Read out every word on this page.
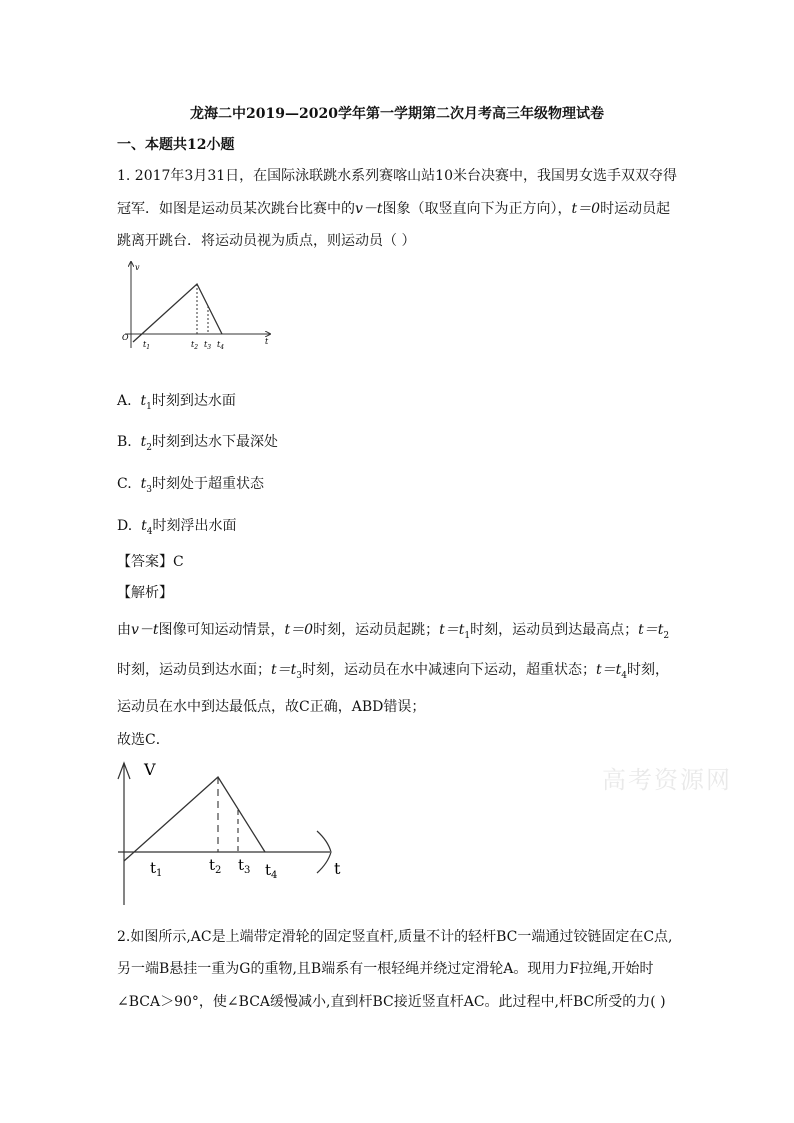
龙海二中2019—2020学年第一学期第二次月考高三年级物理试卷
一、本题共12小题
1. 2017年3月31日，在国际泳联跳水系列赛喀山站10米台决赛中，我国男女选手双双夺得
冠军．如图是运动员某次跳台比赛中的v－t图象（取竖直向下为正方向），t＝0时运动员起
跳离开跳台．将运动员视为质点，则运动员（ ）
v
O	t
$t_1$	$t_2$ $t_3$ $t_4$
A. $t_1$时刻到达水面
B. $t_2$时刻到达水下最深处
C. $t_3$时刻处于超重状态
D. $t_4$时刻浮出水面
【答案】C
【解析】
由v－t图像可知运动情景，t＝0时刻，运动员起跳；$t=t_1$时刻，运动员到达最高点；$t=t_2$
时刻，运动员到达水面；$t=t_3$时刻，运动员在水中减速向下运动，超重状态；$t=t_4$时刻，
运动员在水中到达最低点，故C正确，ABD错误；
故选C．
V
t
$t_1$	$t_2$ $t_3$ $t_4$
高考资源网
2.如图所示,AC是上端带定滑轮的固定竖直杆,质量不计的轻杆BC一端通过铰链固定在C点,
另一端B悬挂一重为G的重物,且B端系有一根轻绳并绕过定滑轮A。现用力F拉绳,开始时
∠BCA＞90°，使∠BCA缓慢减小,直到杆BC接近竖直杆AC。此过程中,杆BC所受的力( )
